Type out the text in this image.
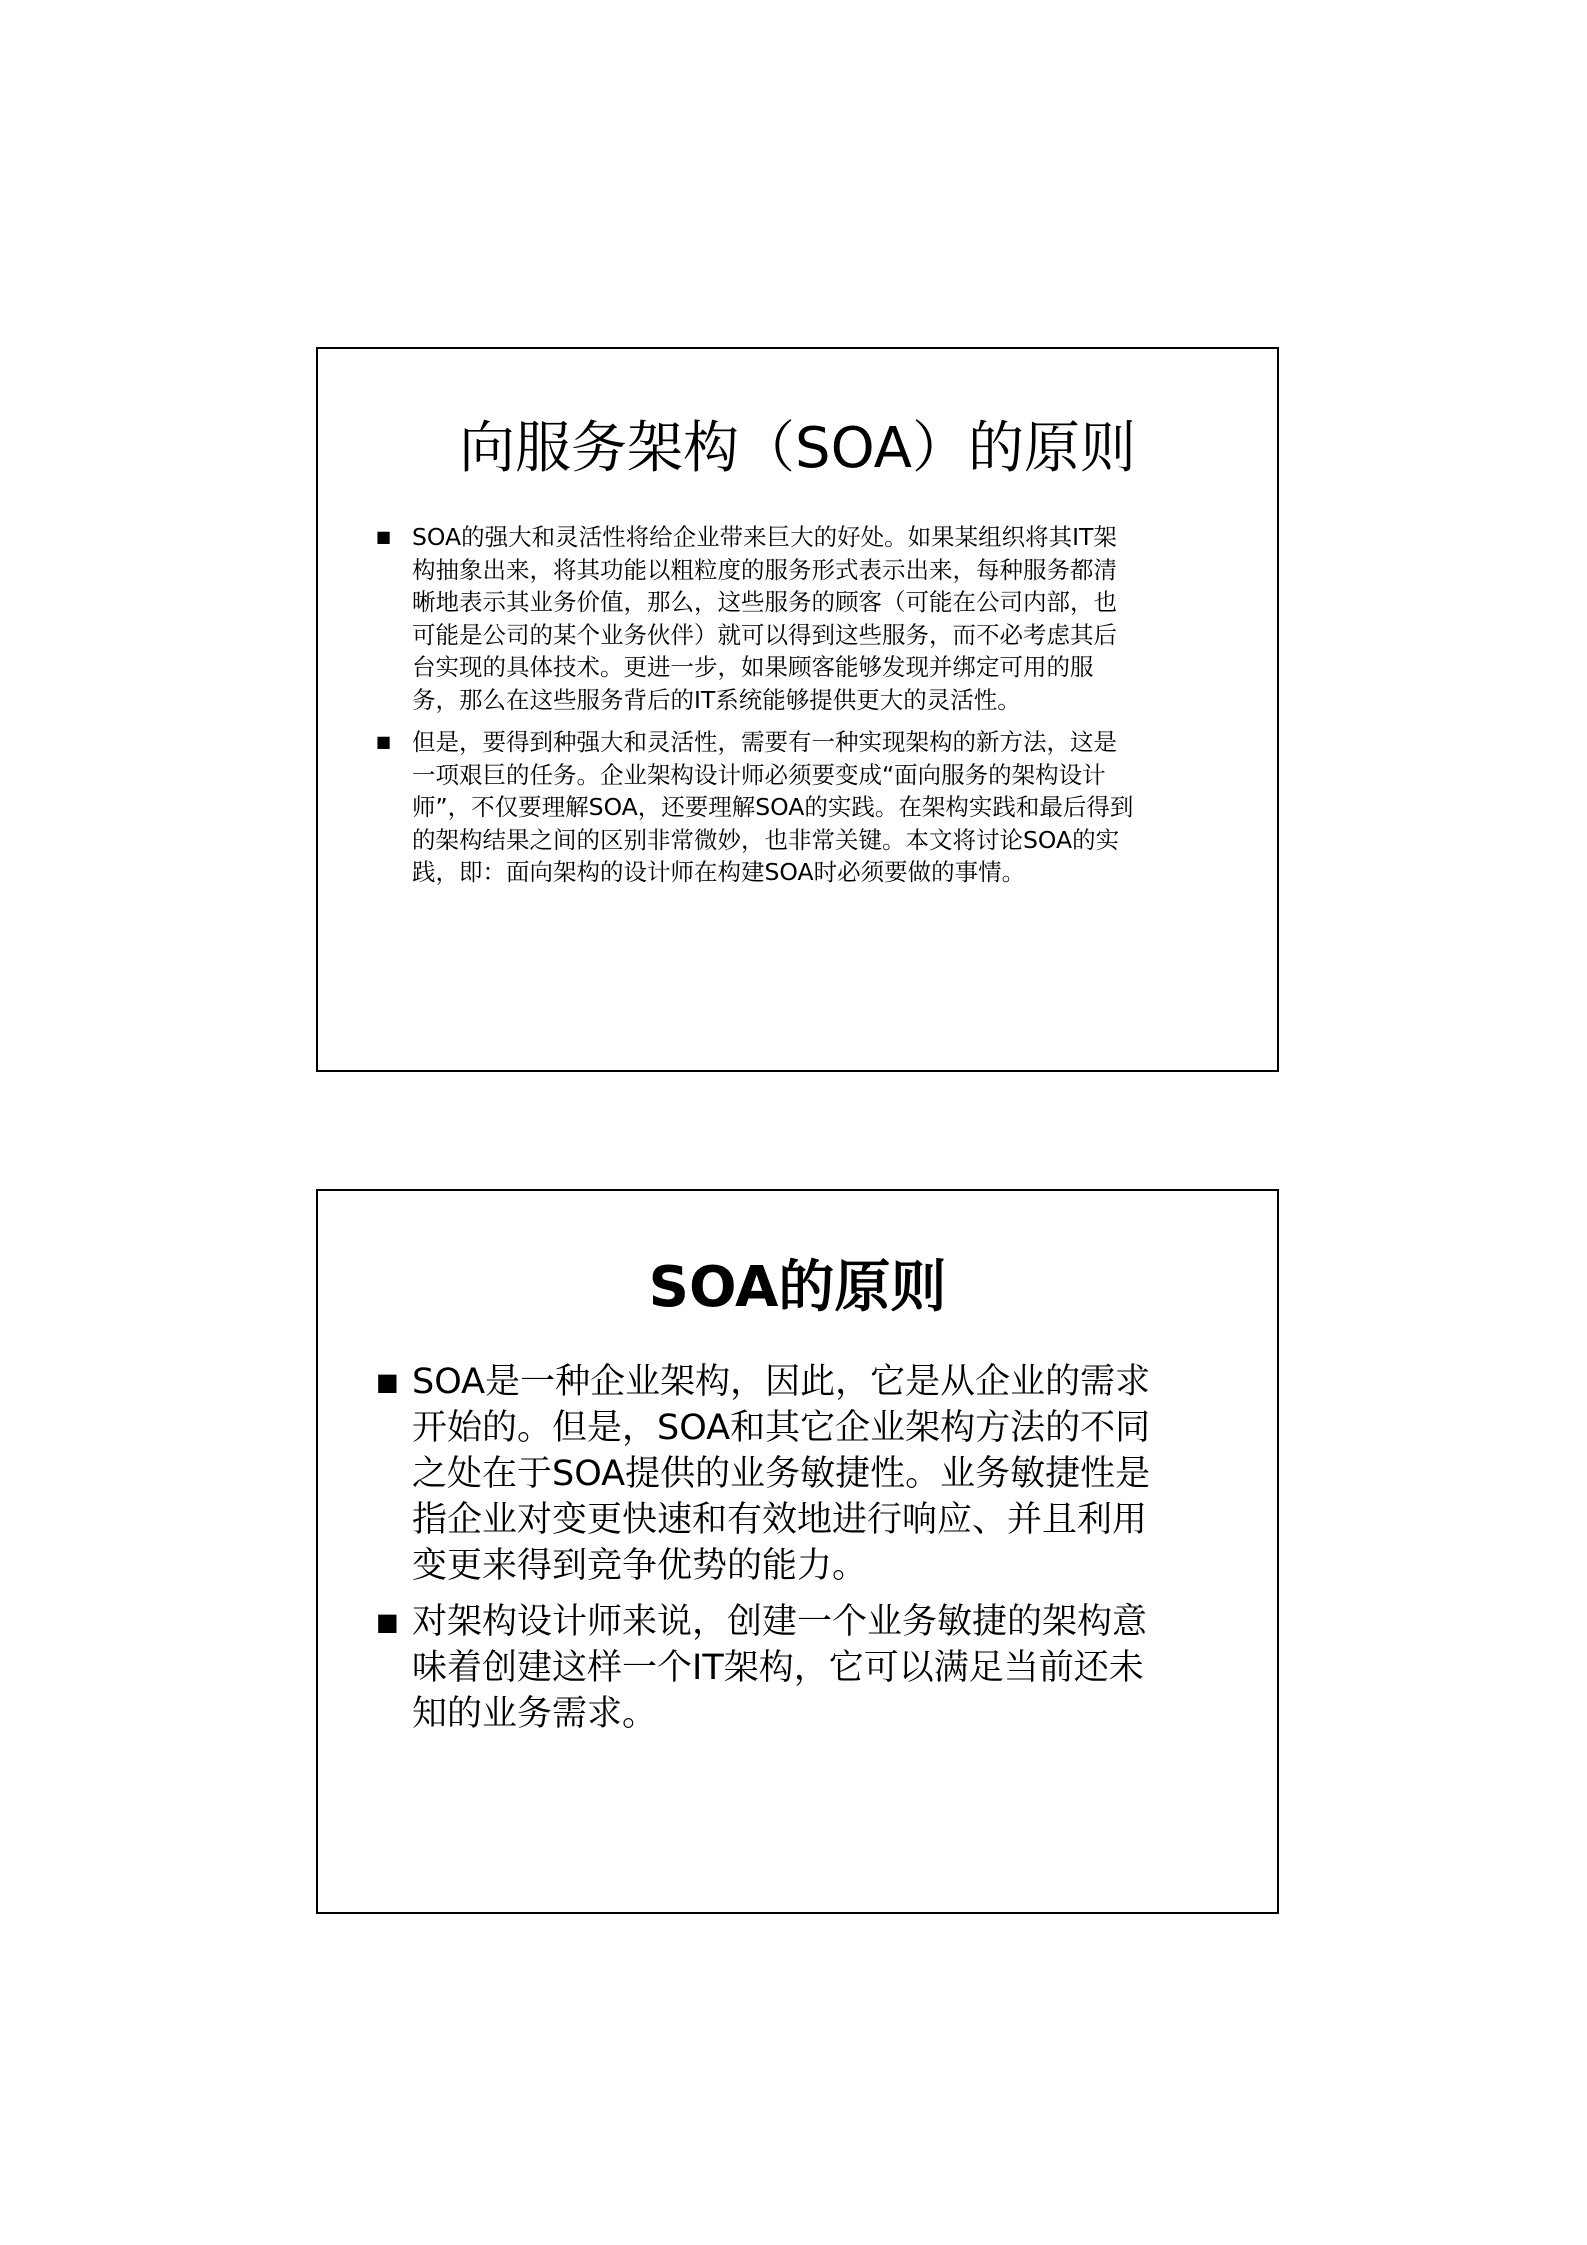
向服务架构（SOA）的原则
■ SOA的强大和灵活性将给企业带来巨大的好处。如果某组织将其IT架
构抽象出来，将其功能以粗粒度的服务形式表示出来，每种服务都清
晰地表示其业务价值，那么，这些服务的顾客（可能在公司内部，也
可能是公司的某个业务伙伴）就可以得到这些服务，而不必考虑其后
台实现的具体技术。更进一步，如果顾客能够发现并绑定可用的服
务，那么在这些服务背后的IT系统能够提供更大的灵活性。
■ 但是，要得到种强大和灵活性，需要有一种实现架构的新方法，这是
一项艰巨的任务。企业架构设计师必须要变成“面向服务的架构设计
师”，不仅要理解SOA，还要理解SOA的实践。在架构实践和最后得到
的架构结果之间的区别非常微妙，也非常关键。本文将讨论SOA的实
践，即：面向架构的设计师在构建SOA时必须要做的事情。
SOA的原则
■ SOA是一种企业架构，因此，它是从企业的需求
开始的。但是，SOA和其它企业架构方法的不同
之处在于SOA提供的业务敏捷性。业务敏捷性是
指企业对变更快速和有效地进行响应、并且利用
变更来得到竞争优势的能力。
■ 对架构设计师来说，创建一个业务敏捷的架构意
味着创建这样一个IT架构，它可以满足当前还未
知的业务需求。
